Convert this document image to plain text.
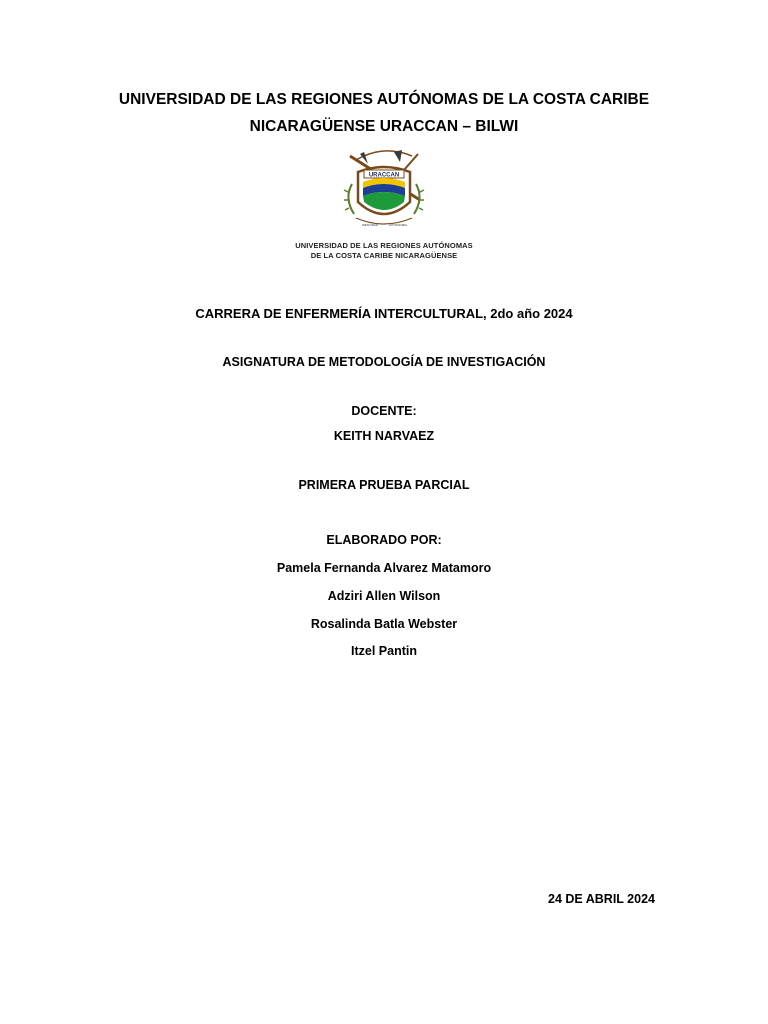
UNIVERSIDAD DE LAS REGIONES AUTÓNOMAS DE LA COSTA CARIBE
NICARAGÜENSE URACCAN – BILWI
URACCAN
IDENTIDAD	AUTONOMIA
UNIVERSIDAD DE LAS REGIONES AUTÓNOMAS
DE LA COSTA CARIBE NICARAGÜENSE
CARRERA DE ENFERMERÍA INTERCULTURAL, 2do año 2024
ASIGNATURA DE METODOLOGÍA DE INVESTIGACIÓN
DOCENTE:
KEITH NARVAEZ
PRIMERA PRUEBA PARCIAL
ELABORADO POR:
Pamela Fernanda Alvarez Matamoro
Adziri Allen Wilson
Rosalinda Batla Webster
Itzel Pantin
24 DE ABRIL 2024
